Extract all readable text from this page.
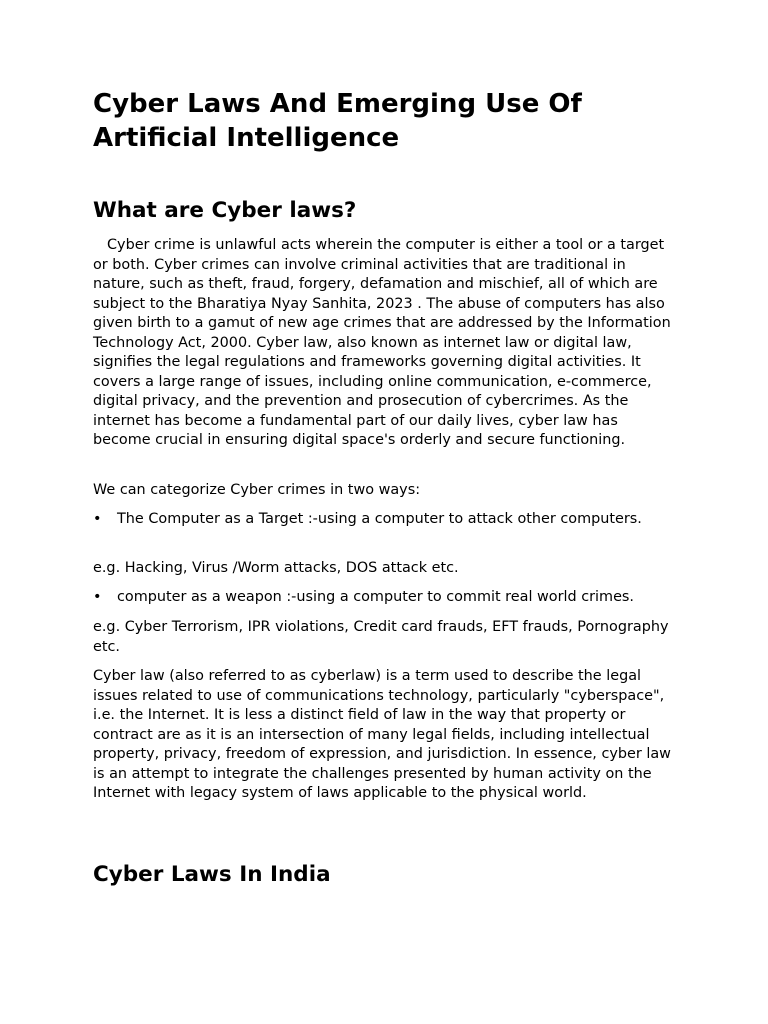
Cyber Laws And Emerging Use Of Artificial Intelligence
What are Cyber laws?

Cyber crime is unlawful acts wherein the computer is either a tool or a target or both. Cyber crimes can involve criminal activities that are traditional in nature, such as theft, fraud, forgery, defamation and mischief, all of which are subject to the Bharatiya Nyay Sanhita, 2023 . The abuse of computers has also given birth to a gamut of new age crimes that are addressed by the Information Technology Act, 2000. Cyber law, also known as internet law or digital law, signifies the legal regulations and frameworks governing digital activities. It covers a large range of issues, including online communication, e-commerce, digital privacy, and the prevention and prosecution of cybercrimes. As the internet has become a fundamental part of our daily lives, cyber law has become crucial in ensuring digital space's orderly and secure functioning.

We can categorize Cyber crimes in two ways:

• The Computer as a Target :-using a computer to attack other computers.

e.g. Hacking, Virus /Worm attacks, DOS attack etc.

• computer as a weapon :-using a computer to commit real world crimes.

e.g. Cyber Terrorism, IPR violations, Credit card frauds, EFT frauds, Pornography etc.

Cyber law (also referred to as cyberlaw) is a term used to describe the legal issues related to use of communications technology, particularly "cyberspace", i.e. the Internet. It is less a distinct field of law in the way that property or contract are as it is an intersection of many legal fields, including intellectual property, privacy, freedom of expression, and jurisdiction. In essence, cyber law is an attempt to integrate the challenges presented by human activity on the Internet with legacy system of laws applicable to the physical world.

Cyber Laws In India
